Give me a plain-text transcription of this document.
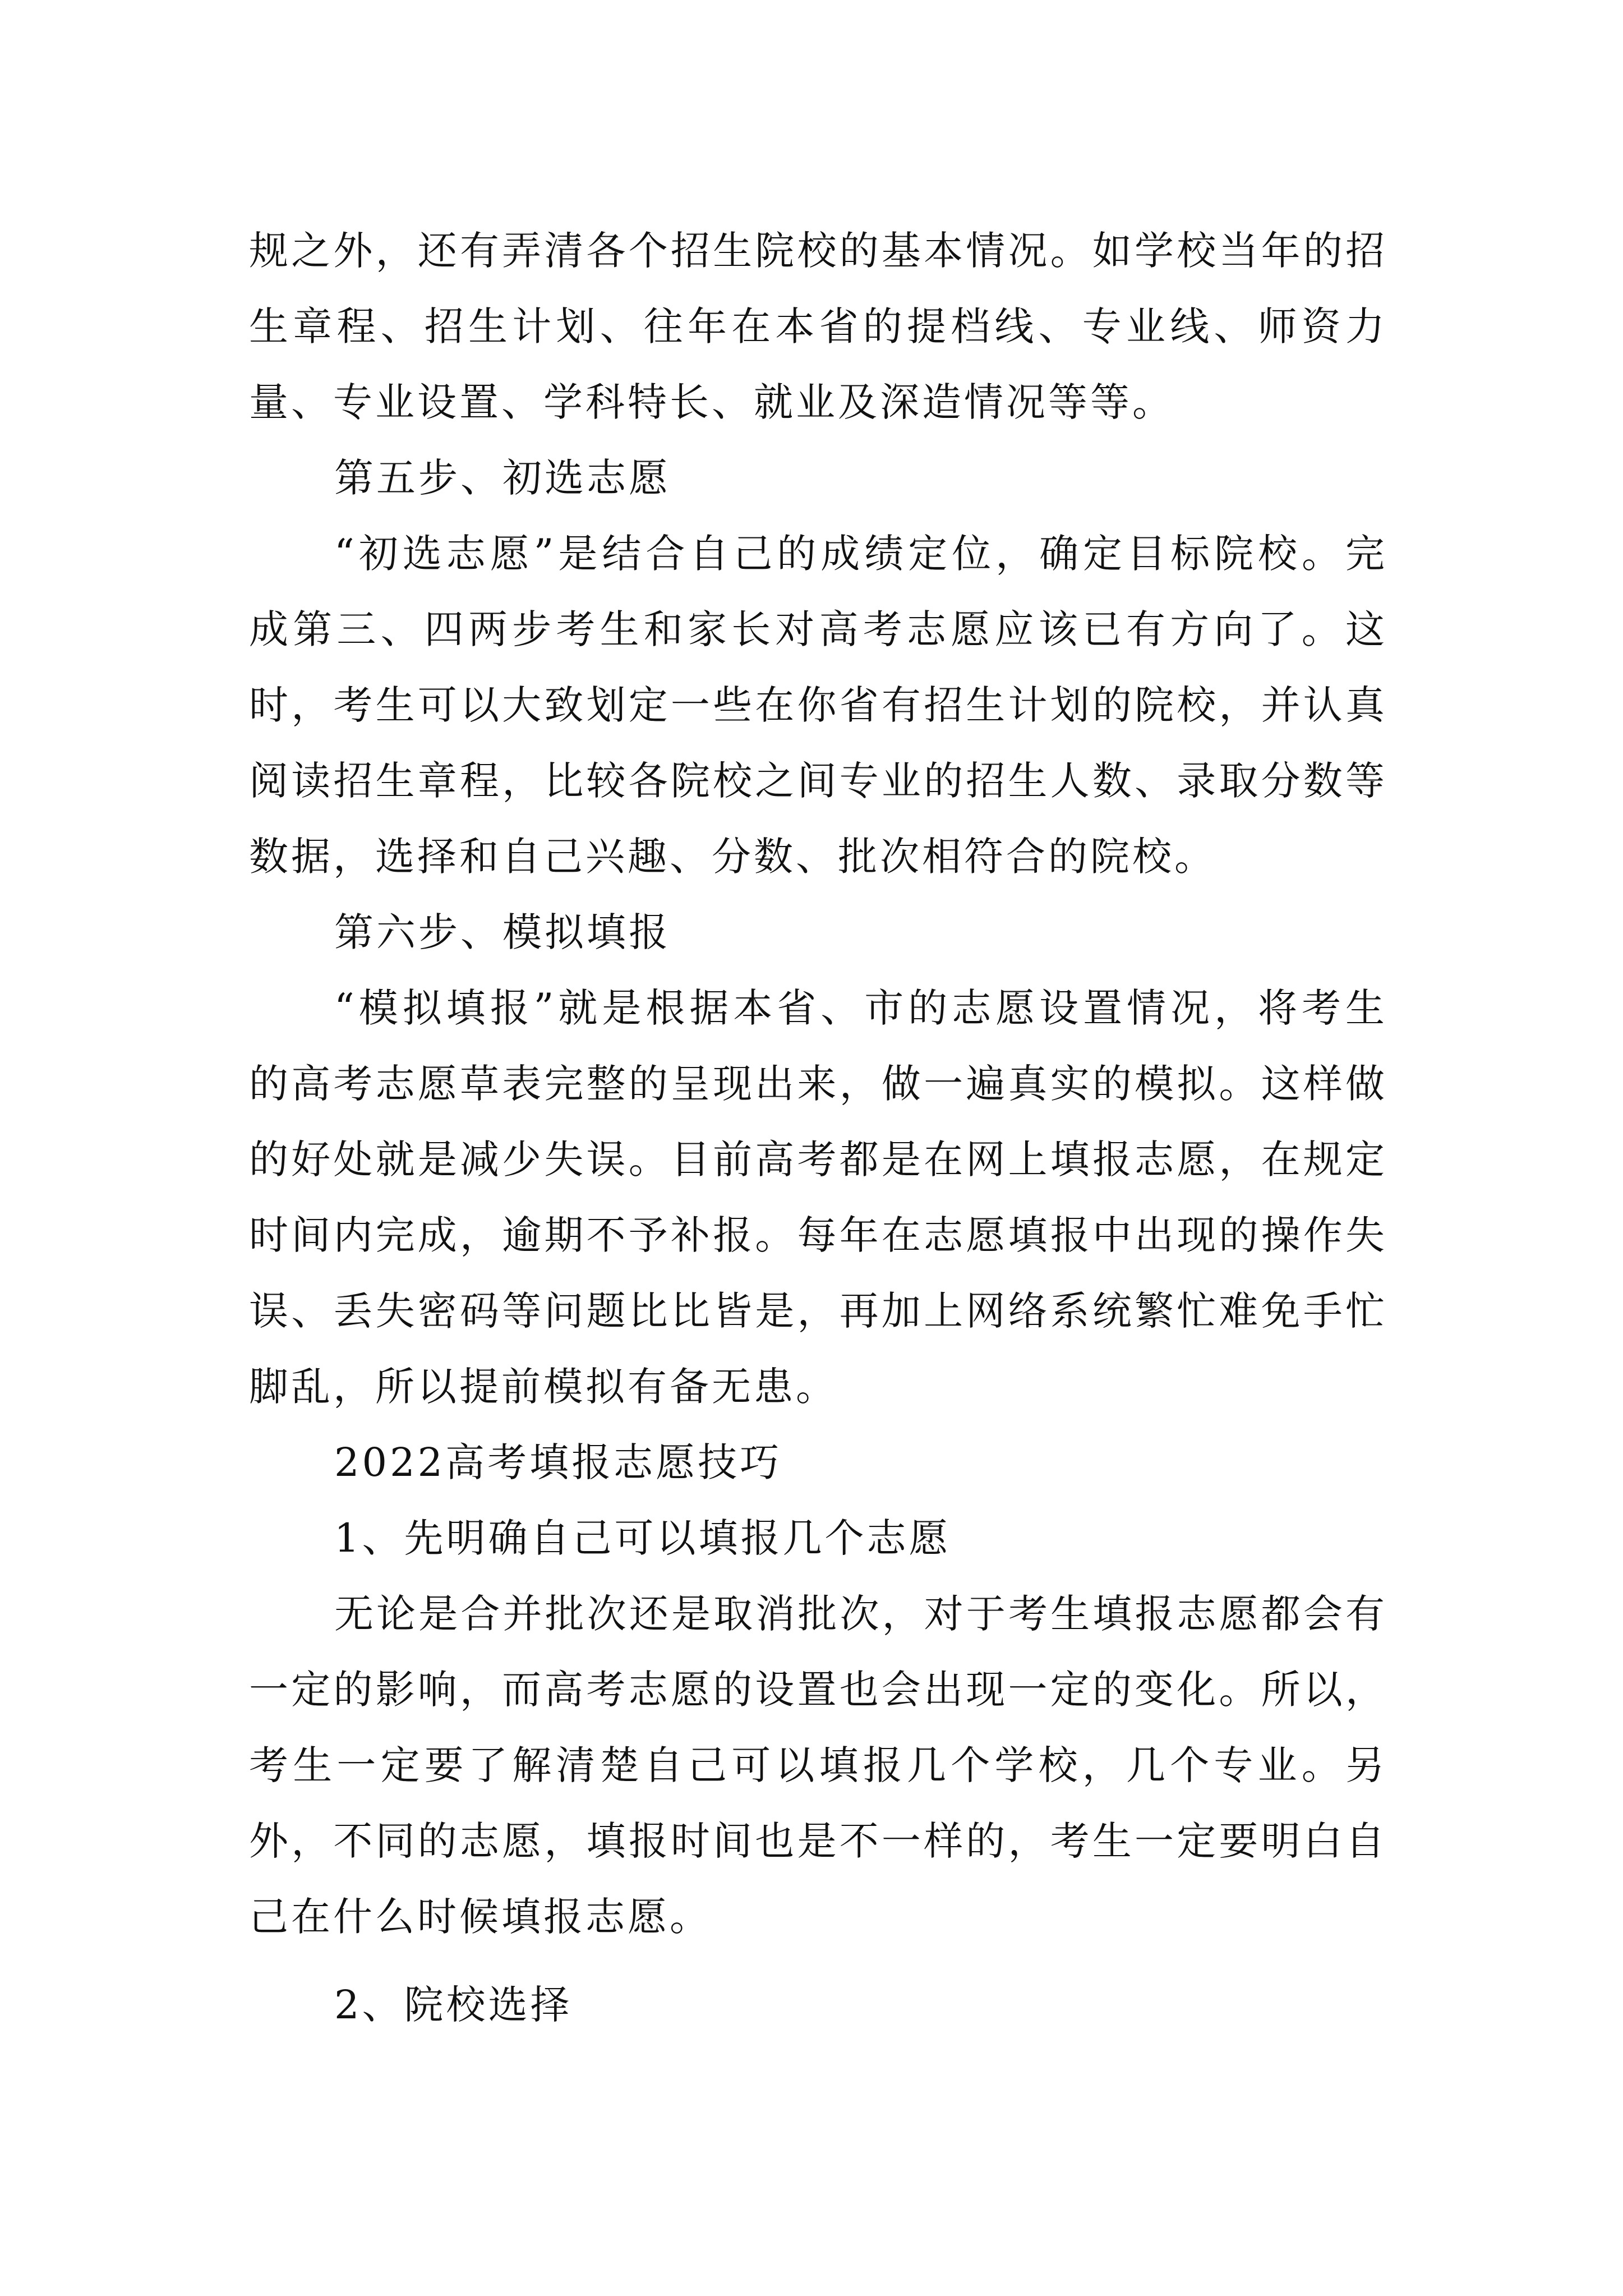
规之外，还有弄清各个招生院校的基本情况。如学校当年的招生章程、招生计划、往年在本省的提档线、专业线、师资力量、专业设置、学科特长、就业及深造情况等等。

第五步、初选志愿

“初选志愿”是结合自己的成绩定位，确定目标院校。完成第三、四两步考生和家长对高考志愿应该已有方向了。这时，考生可以大致划定一些在你省有招生计划的院校，并认真阅读招生章程，比较各院校之间专业的招生人数、录取分数等数据，选择和自己兴趣、分数、批次相符合的院校。

第六步、模拟填报

“模拟填报”就是根据本省、市的志愿设置情况，将考生的高考志愿草表完整的呈现出来，做一遍真实的模拟。这样做的好处就是减少失误。目前高考都是在网上填报志愿，在规定时间内完成，逾期不予补报。每年在志愿填报中出现的操作失误、丢失密码等问题比比皆是，再加上网络系统繁忙难免手忙脚乱，所以提前模拟有备无患。

2022高考填报志愿技巧

1、先明确自己可以填报几个志愿

无论是合并批次还是取消批次，对于考生填报志愿都会有一定的影响，而高考志愿的设置也会出现一定的变化。所以，考生一定要了解清楚自己可以填报几个学校，几个专业。另外，不同的志愿，填报时间也是不一样的，考生一定要明白自己在什么时候填报志愿。

2、院校选择
